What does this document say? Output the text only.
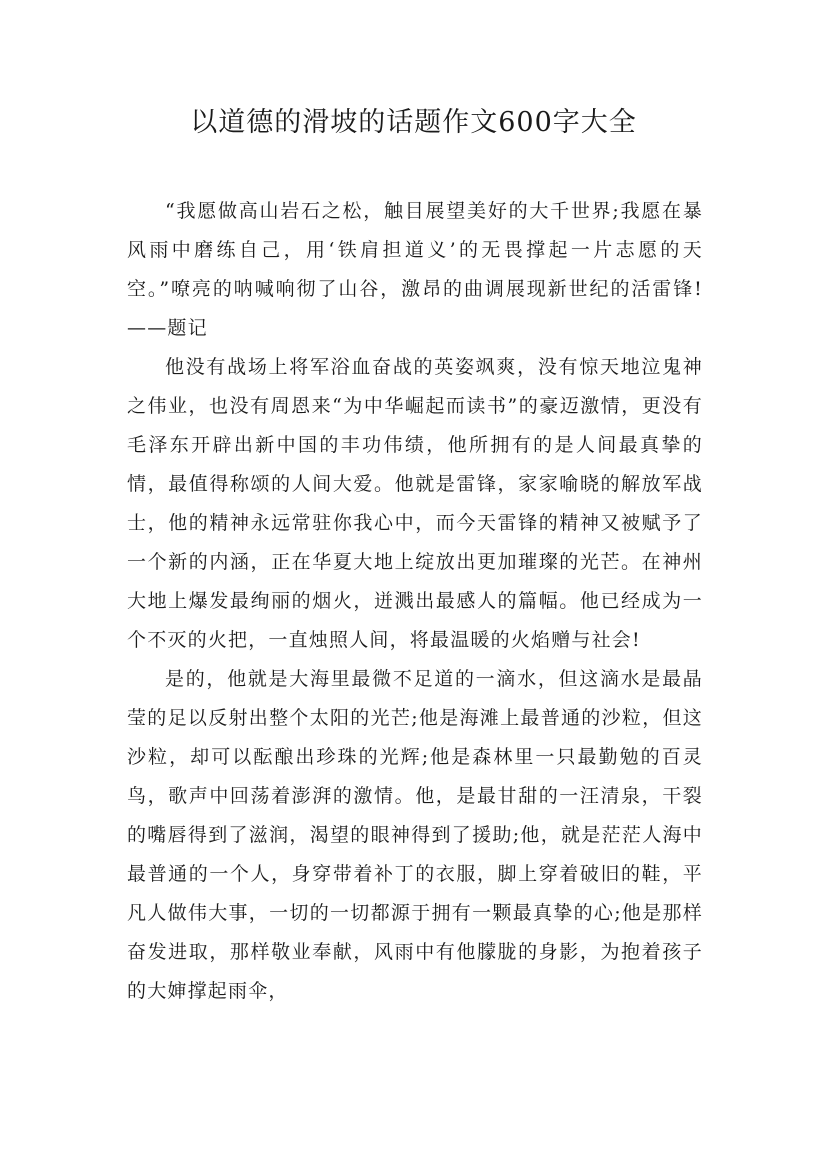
以道德的滑坡的话题作文600字大全

“我愿做高山岩石之松，触目展望美好的大千世界;我愿在暴风雨中磨练自己，用‘铁肩担道义’的无畏撑起一片志愿的天空。”嘹亮的呐喊响彻了山谷，激昂的曲调展现新世纪的活雷锋!——题记

他没有战场上将军浴血奋战的英姿飒爽，没有惊天地泣鬼神之伟业，也没有周恩来“为中华崛起而读书”的豪迈激情，更没有毛泽东开辟出新中国的丰功伟绩，他所拥有的是人间最真挚的情，最值得称颂的人间大爱。他就是雷锋，家家喻晓的解放军战士，他的精神永远常驻你我心中，而今天雷锋的精神又被赋予了一个新的内涵，正在华夏大地上绽放出更加璀璨的光芒。在神州大地上爆发最绚丽的烟火，迸溅出最感人的篇幅。他已经成为一个不灭的火把，一直烛照人间，将最温暖的火焰赠与社会!

是的，他就是大海里最微不足道的一滴水，但这滴水是最晶莹的足以反射出整个太阳的光芒;他是海滩上最普通的沙粒，但这沙粒，却可以酝酿出珍珠的光辉;他是森林里一只最勤勉的百灵鸟，歌声中回荡着澎湃的激情。他，是最甘甜的一汪清泉，干裂的嘴唇得到了滋润，渴望的眼神得到了援助;他，就是茫茫人海中最普通的一个人，身穿带着补丁的衣服，脚上穿着破旧的鞋，平凡人做伟大事，一切的一切都源于拥有一颗最真挚的心;他是那样奋发进取，那样敬业奉献，风雨中有他朦胧的身影，为抱着孩子的大婶撑起雨伞，
